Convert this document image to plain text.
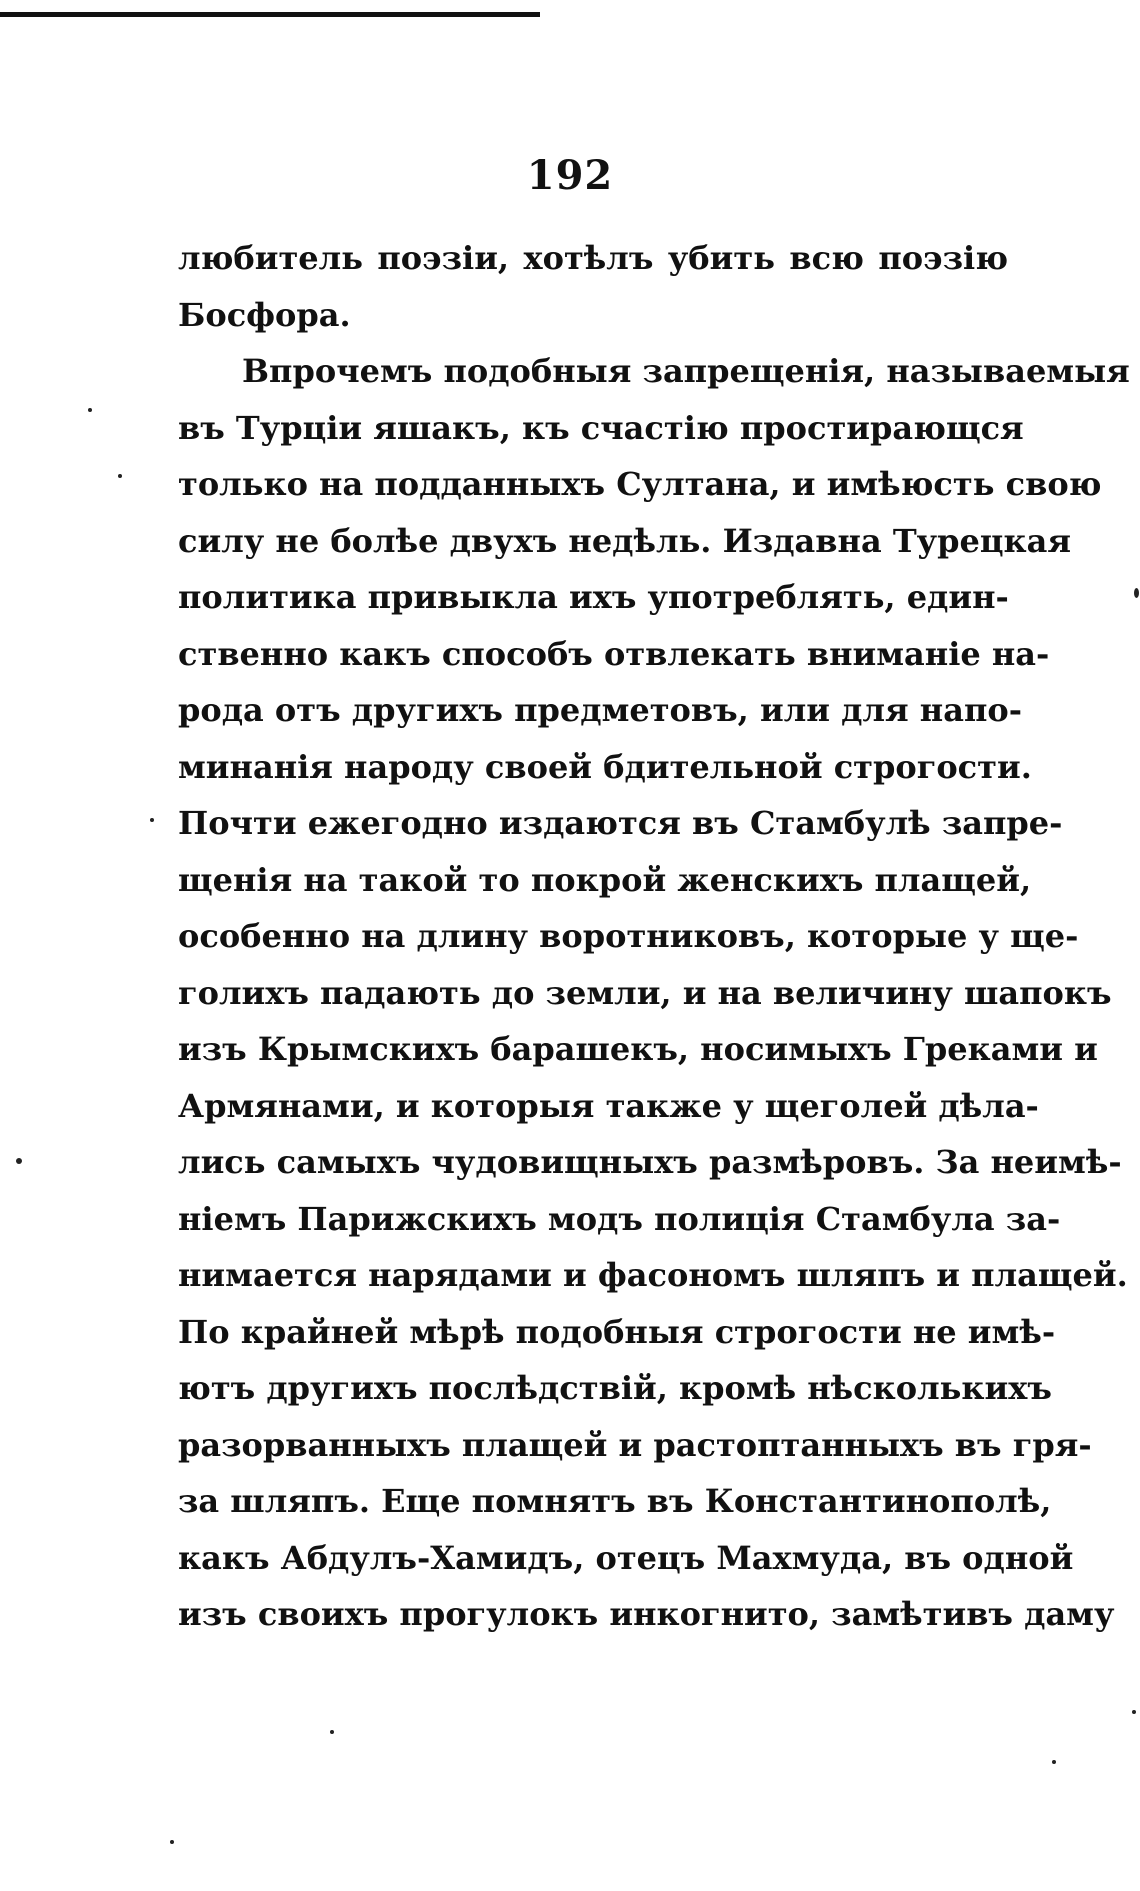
192
любитель поэзіи, хотѣлъ убить всю поэзію
Босфора.
Впрочемъ подобныя запрещенія, называемыя
въ Турціи яшакъ, къ счастію простирающся
только на подданныхъ Султана, и имѣюсть свою
силу не болѣе двухъ недѣль. Издавна Турецкая
политика привыкла ихъ употреблять, един-
ственно какъ способъ отвлекать вниманіе на-
рода отъ другихъ предметовъ, или для напо-
минанія народу своей бдительной строгости.
Почти ежегодно издаются въ Стамбулѣ запре-
щенія на такой то покрой женскихъ плащей,
особенно на длину воротниковъ, которые у ще-
голихъ падають до земли, и на величину шапокъ
изъ Крымскихъ барашекъ, носимыхъ Греками и
Армянами, и которыя также у щеголей дѣла-
лись самыхъ чудовищныхъ размѣровъ. За неимѣ-
ніемъ Парижскихъ модъ полиція Стамбула за-
нимается нарядами и фасономъ шляпъ и плащей.
По крайней мѣрѣ подобныя строгости не имѣ-
ютъ другихъ послѣдствій, кромѣ нѣсколькихъ
разорванныхъ плащей и растоптанныхъ въ гря-
за шляпъ. Еще помнятъ въ Константинополѣ,
какъ Абдулъ-Хамидъ, отецъ Махмуда, въ одной
изъ своихъ прогулокъ инкогнито, замѣтивъ даму
